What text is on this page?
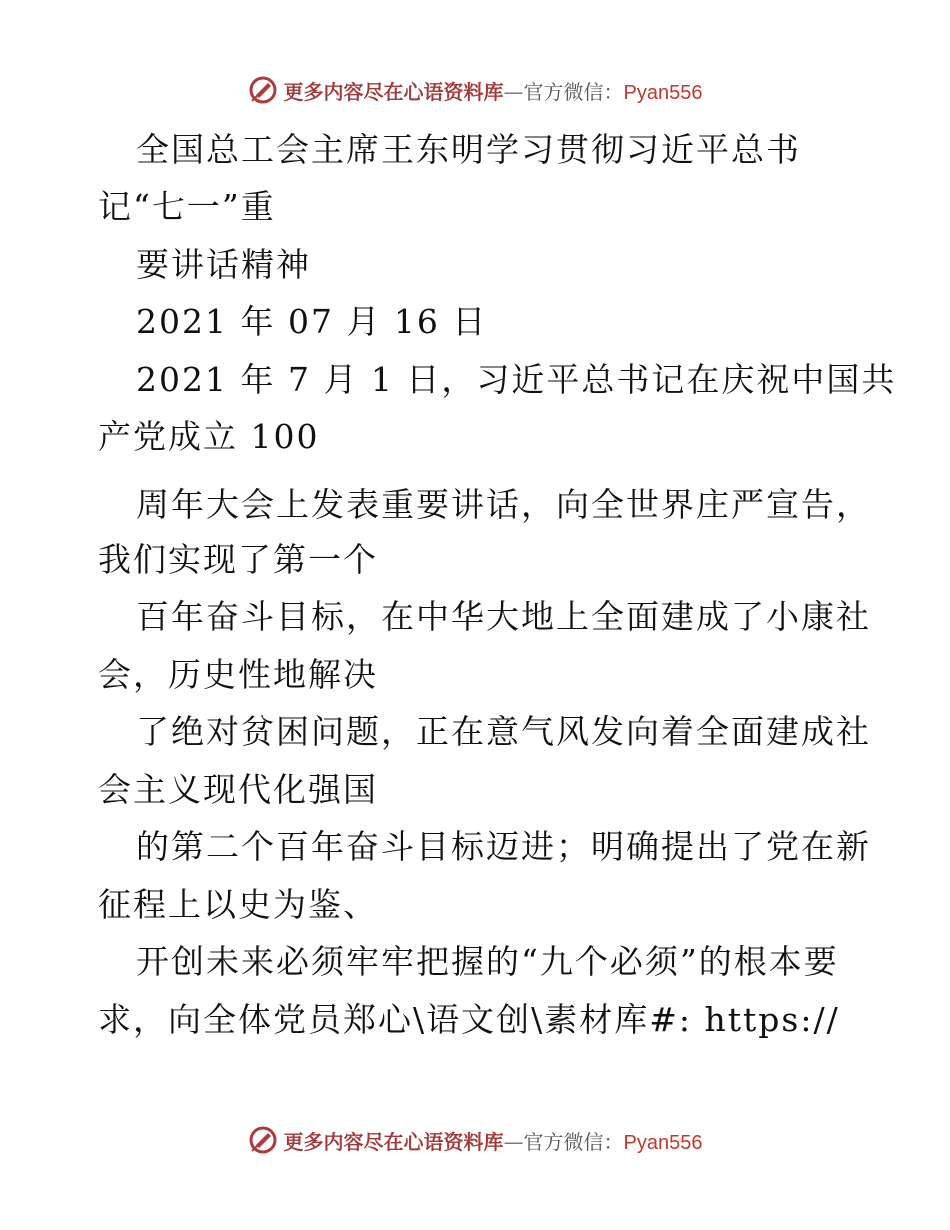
更多内容尽在心语资料库—官方微信：Pyan556
全国总工会主席王东明学习贯彻习近平总书
记“七一”重
要讲话精神
2021 年 07 月 16 日
2021 年 7 月 1 日，习近平总书记在庆祝中国共
产党成立 100
周年大会上发表重要讲话，向全世界庄严宣告，
我们实现了第一个
百年奋斗目标，在中华大地上全面建成了小康社
会，历史性地解决
了绝对贫困问题，正在意气风发向着全面建成社
会主义现代化强国
的第二个百年奋斗目标迈进；明确提出了党在新
征程上以史为鉴、
开创未来必须牢牢把握的“九个必须”的根本要
求，向全体党员郑心\语文创\素材库#: https://
更多内容尽在心语资料库—官方微信：Pyan556
